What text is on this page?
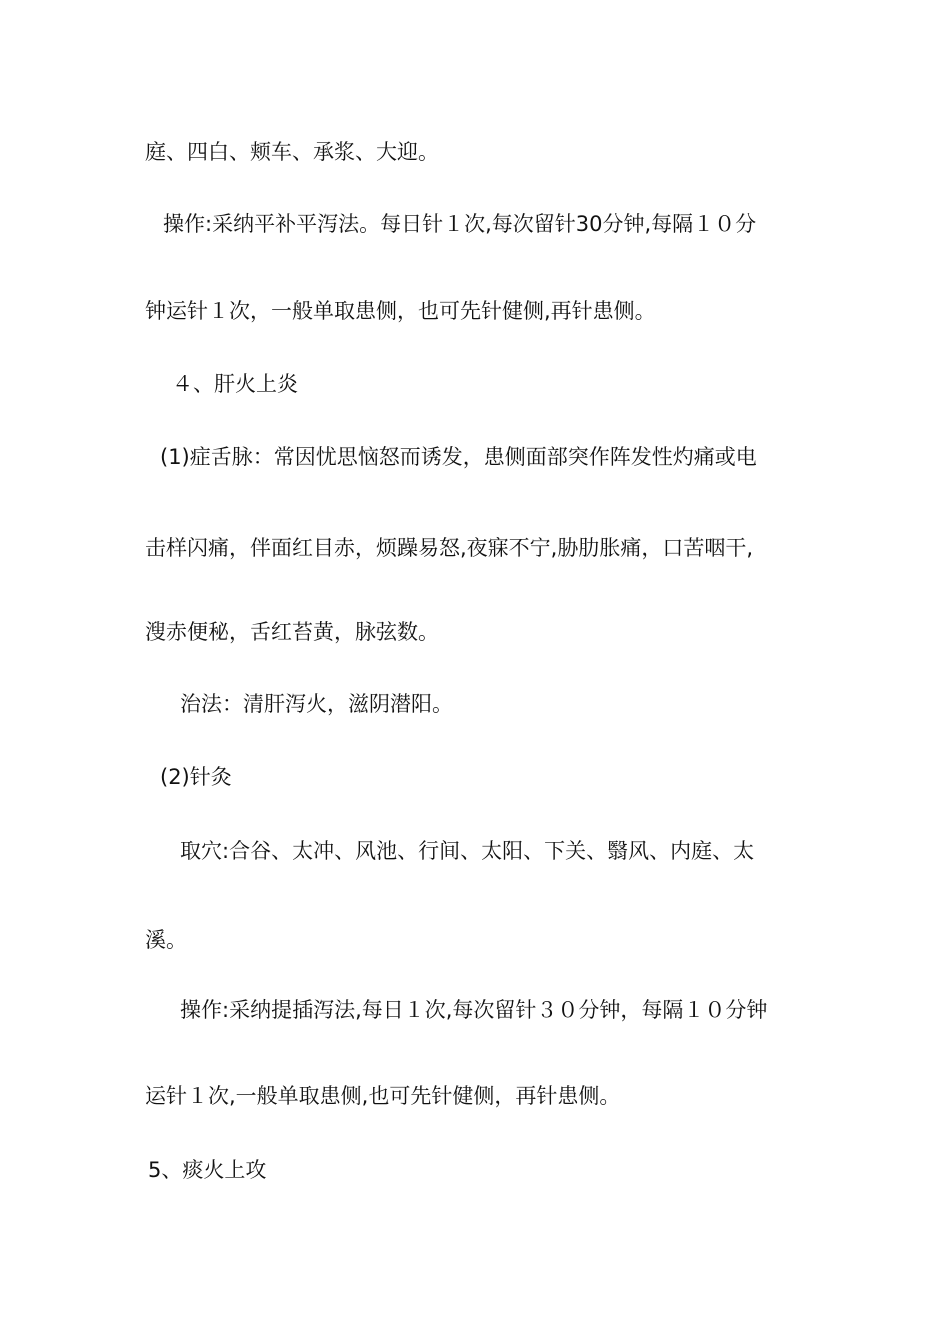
庭、四白、颊车、承浆、大迎。

操作:采纳平补平泻法。每日针１次,每次留针30分钟,每隔１０分

钟运针１次，一般单取患侧，也可先针健侧,再针患侧。

４、肝火上炎

(1)症舌脉：常因忧思恼怒而诱发，患侧面部突作阵发性灼痛或电

击样闪痛，伴面红目赤，烦躁易怒,夜寐不宁,胁肋胀痛，口苦咽干,

溲赤便秘，舌红苔黄，脉弦数。

治法：清肝泻火，滋阴潜阳。

(2)针灸

取穴:合谷、太冲、风池、行间、太阳、下关、翳风、内庭、太

溪。

操作:采纳提插泻法,每日１次,每次留针３０分钟，每隔１０分钟

运针１次,一般单取患侧,也可先针健侧，再针患侧。

5、痰火上攻
